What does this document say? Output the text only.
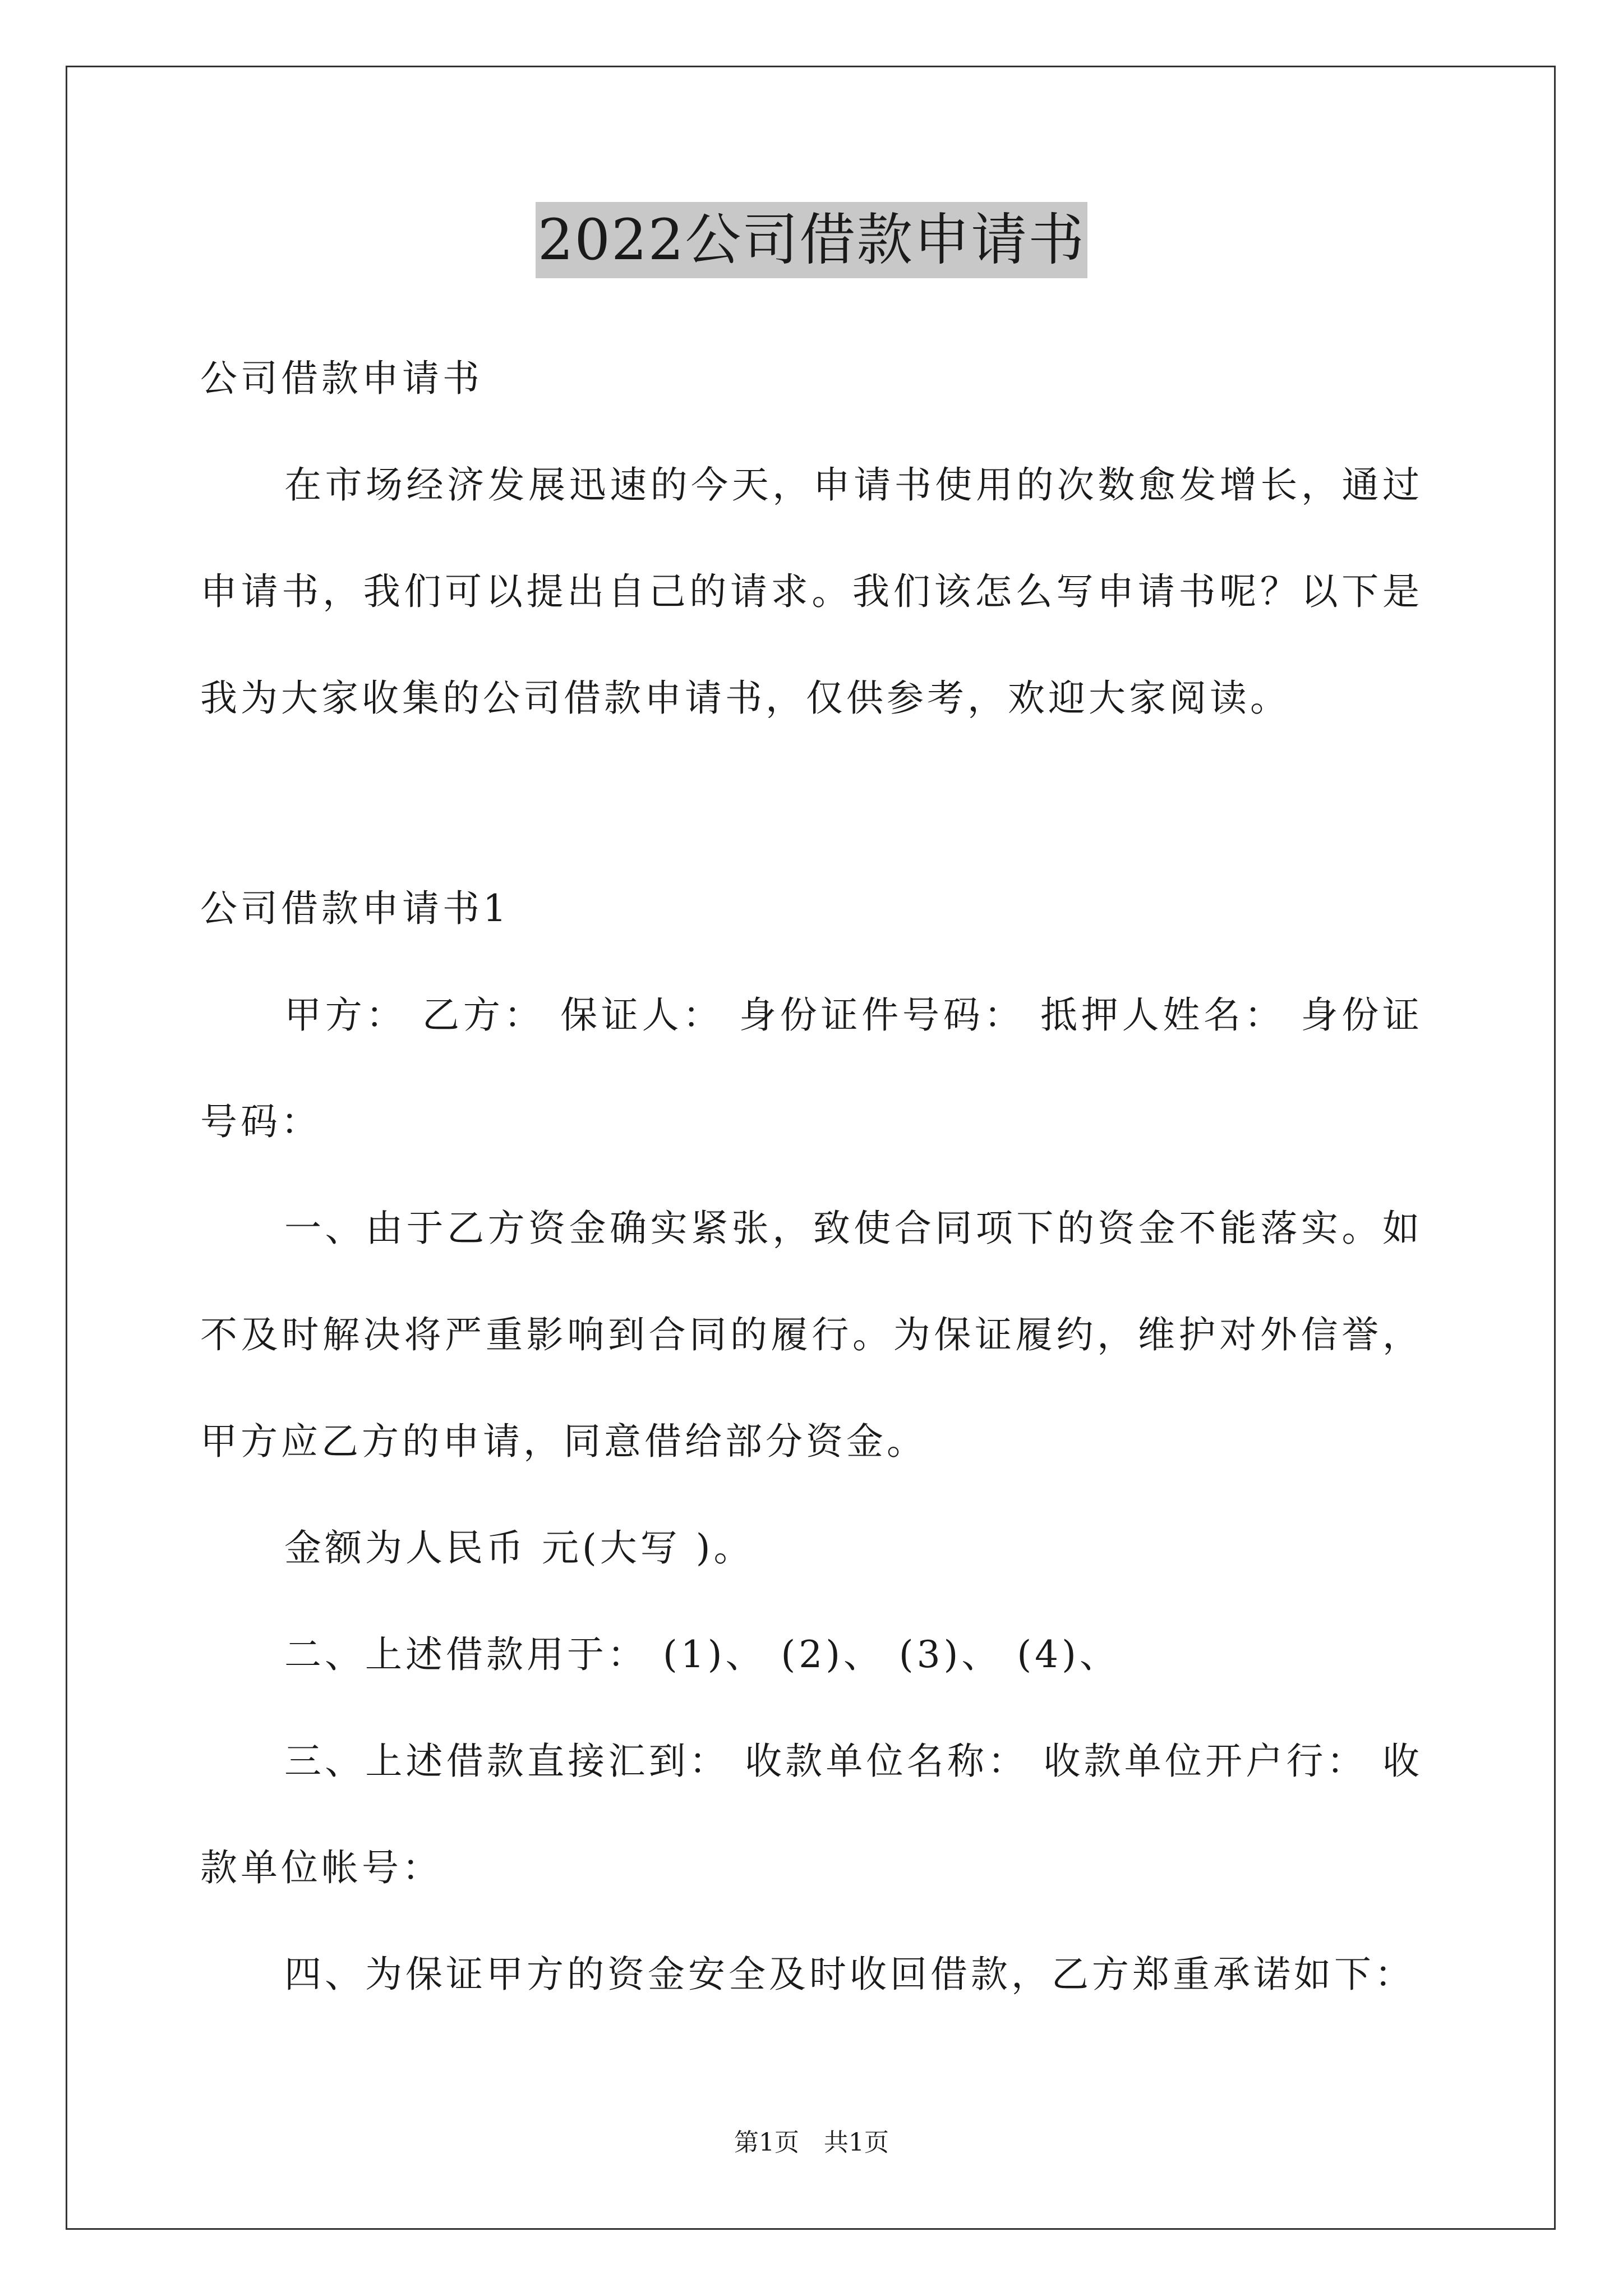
2022公司借款申请书
公司借款申请书
在市场经济发展迅速的今天，申请书使用的次数愈发增长，通过
申请书，我们可以提出自己的请求。我们该怎么写申请书呢？以下是
我为大家收集的公司借款申请书，仅供参考，欢迎大家阅读。
公司借款申请书1
甲方： 乙方： 保证人： 身份证件号码： 抵押人姓名： 身份证
号码：
一、由于乙方资金确实紧张，致使合同项下的资金不能落实。如
不及时解决将严重影响到合同的履行。为保证履约，维护对外信誉，
甲方应乙方的申请，同意借给部分资金。
金额为人民币 元(大写 )。
二、上述借款用于： (1)、 (2)、 (3)、 (4)、
三、上述借款直接汇到： 收款单位名称： 收款单位开户行： 收
款单位帐号：
四、为保证甲方的资金安全及时收回借款，乙方郑重承诺如下：
第1页　共1页
